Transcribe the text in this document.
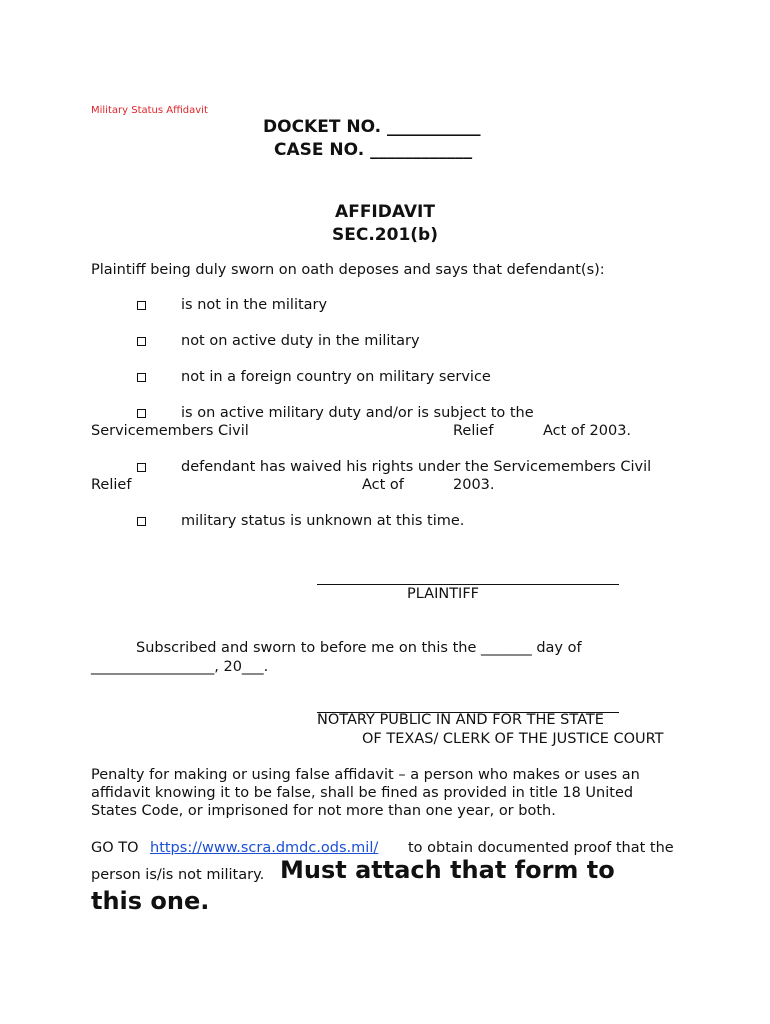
Military Status Affidavit
DOCKET NO. ___________
CASE NO. ____________
AFFIDAVIT
SEC.201(b)
Plaintiff being duly sworn on oath deposes and says that defendant(s):
is not in the military
not on active duty in the military
not in a foreign country on military service
is on active military duty and/or is subject to the
Servicemembers Civil	Relief	Act of 2003.
defendant has waived his rights under the Servicemembers Civil
Relief	Act of	2003.
military status is unknown at this time.
PLAINTIFF
Subscribed and sworn to before me on this the _______ day of
_________________, 20___.
NOTARY PUBLIC IN AND FOR THE STATE
OF TEXAS/ CLERK OF THE JUSTICE COURT
Penalty for making or using false affidavit – a person who makes or uses an
affidavit knowing it to be false, shall be fined as provided in title 18 United
States Code, or imprisoned for not more than one year, or both.
GO TO https://www.scra.dmdc.ods.mil/ to obtain documented proof that the
person is/is not military. Must attach that form to
this one.
